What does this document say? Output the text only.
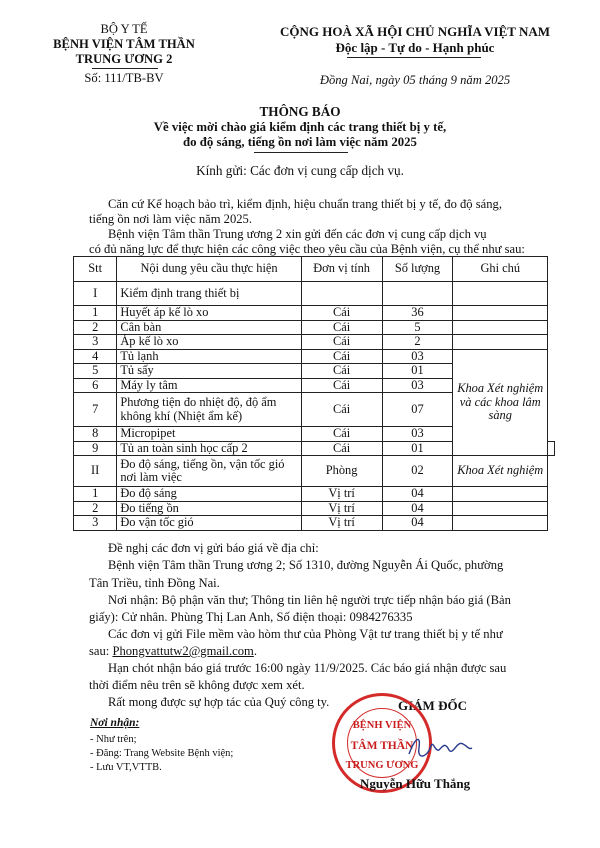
BỘ Y TẾ
BỆNH VIỆN TÂM THẦN
TRUNG ƯƠNG 2
Số: 111/TB-BV
CỘNG HOÀ XÃ HỘI CHỦ NGHĨA VIỆT NAM
Độc lập - Tự do - Hạnh phúc
Đồng Nai, ngày 05 tháng 9 năm 2025
THÔNG BÁO
Về việc mời chào giá kiểm định các trang thiết bị y tế,
đo độ sáng, tiếng ồn nơi làm việc năm 2025
Kính gửi: Các đơn vị cung cấp dịch vụ.
Căn cứ Kế hoạch bảo trì, kiểm định, hiệu chuẩn trang thiết bị y tế, đo độ sáng,
tiếng ồn nơi làm việc năm 2025.
Bệnh viện Tâm thần Trung ương 2 xin gửi đến các đơn vị cung cấp dịch vụ
có đủ năng lực để thực hiện các công việc theo yêu cầu của Bệnh viện, cụ thể như sau:
Stt	Nội dung yêu cầu thực hiện	Đơn vị tính	Số lượng	Ghi chú	
I	Kiểm định trang thiết bị				
1	Huyết áp kế lò xo	Cái	36		
2	Cân bàn	Cái	5		
3	Áp kế lò xo	Cái	2		
4	Tủ lạnh	Cái	03	Khoa Xét nghiệm và các khoa lâm sàng	
5	Tủ sấy	Cái	01		
6	Máy ly tâm	Cái	03		
7	Phương tiện đo nhiệt độ, độ ẩm không khí (Nhiệt ẩm kế)	Cái	07		
8	Micropipet	Cái	03		
9	Tủ an toàn sinh học cấp 2	Cái	01		
II	Đo độ sáng, tiếng ồn, vận tốc gió nơi làm việc	Phòng	02	Khoa Xét nghiệm	
1	Đo độ sáng	Vị trí	04		
2	Đo tiếng ồn	Vị trí	04		
3	Đo vận tốc gió	Vị trí	04		
Đề nghị các đơn vị gửi báo giá về địa chỉ:
Bệnh viện Tâm thần Trung ương 2; Số 1310, đường Nguyễn Ái Quốc, phường
Tân Triều, tỉnh Đồng Nai.
Nơi nhận: Bộ phận văn thư; Thông tin liên hệ người trực tiếp nhận báo giá (Bản
giấy): Cử nhân. Phùng Thị Lan Anh, Số điện thoại: 0984276335
Các đơn vị gửi File mềm vào hòm thư của Phòng Vật tư trang thiết bị y tế như
sau: Phongvattutw2@gmail.com.
Hạn chót nhận báo giá trước 16:00 ngày 11/9/2025. Các báo giá nhận được sau
thời điểm nêu trên sẽ không được xem xét.
Rất mong được sự hợp tác của Quý công ty.
Nơi nhận:
- Như trên;
- Đăng: Trang Website Bệnh viện;
- Lưu VT,VTTB.
GIÁM ĐỐC
BỆNH VIỆN
TÂM THẦN
TRUNG ƯƠNG
Nguyễn Hữu Thắng
